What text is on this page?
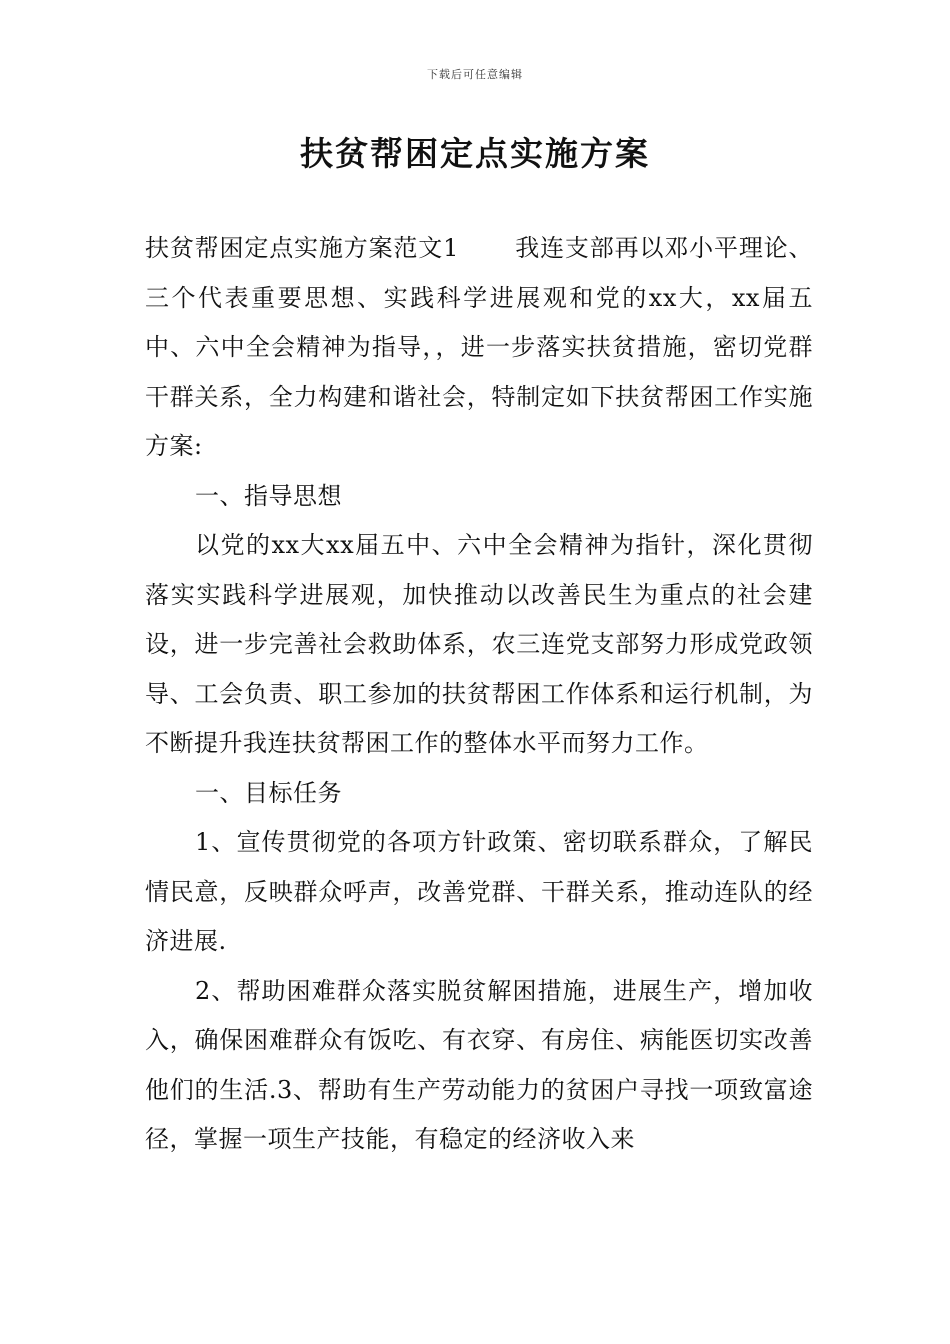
下载后可任意编辑
扶贫帮困定点实施方案

扶贫帮困定点实施方案范文1 我连支部再以邓小平理论、三个代表重要思想、实践科学进展观和党的xx大，xx届五中、六中全会精神为指导，，进一步落实扶贫措施，密切党群干群关系，全力构建和谐社会，特制定如下扶贫帮困工作实施方案:

一、指导思想

以党的xx大xx届五中、六中全会精神为指针，深化贯彻落实实践科学进展观，加快推动以改善民生为重点的社会建设，进一步完善社会救助体系，农三连党支部努力形成党政领导、工会负责、职工参加的扶贫帮困工作体系和运行机制，为不断提升我连扶贫帮困工作的整体水平而努力工作。

一、目标任务

1、宣传贯彻党的各项方针政策、密切联系群众，了解民情民意，反映群众呼声，改善党群、干群关系，推动连队的经济进展.

2、帮助困难群众落实脱贫解困措施，进展生产，增加收入，确保困难群众有饭吃、有衣穿、有房住、病能医切实改善他们的生活.3、帮助有生产劳动能力的贫困户寻找一项致富途径，掌握一项生产技能，有稳定的经济收入来
